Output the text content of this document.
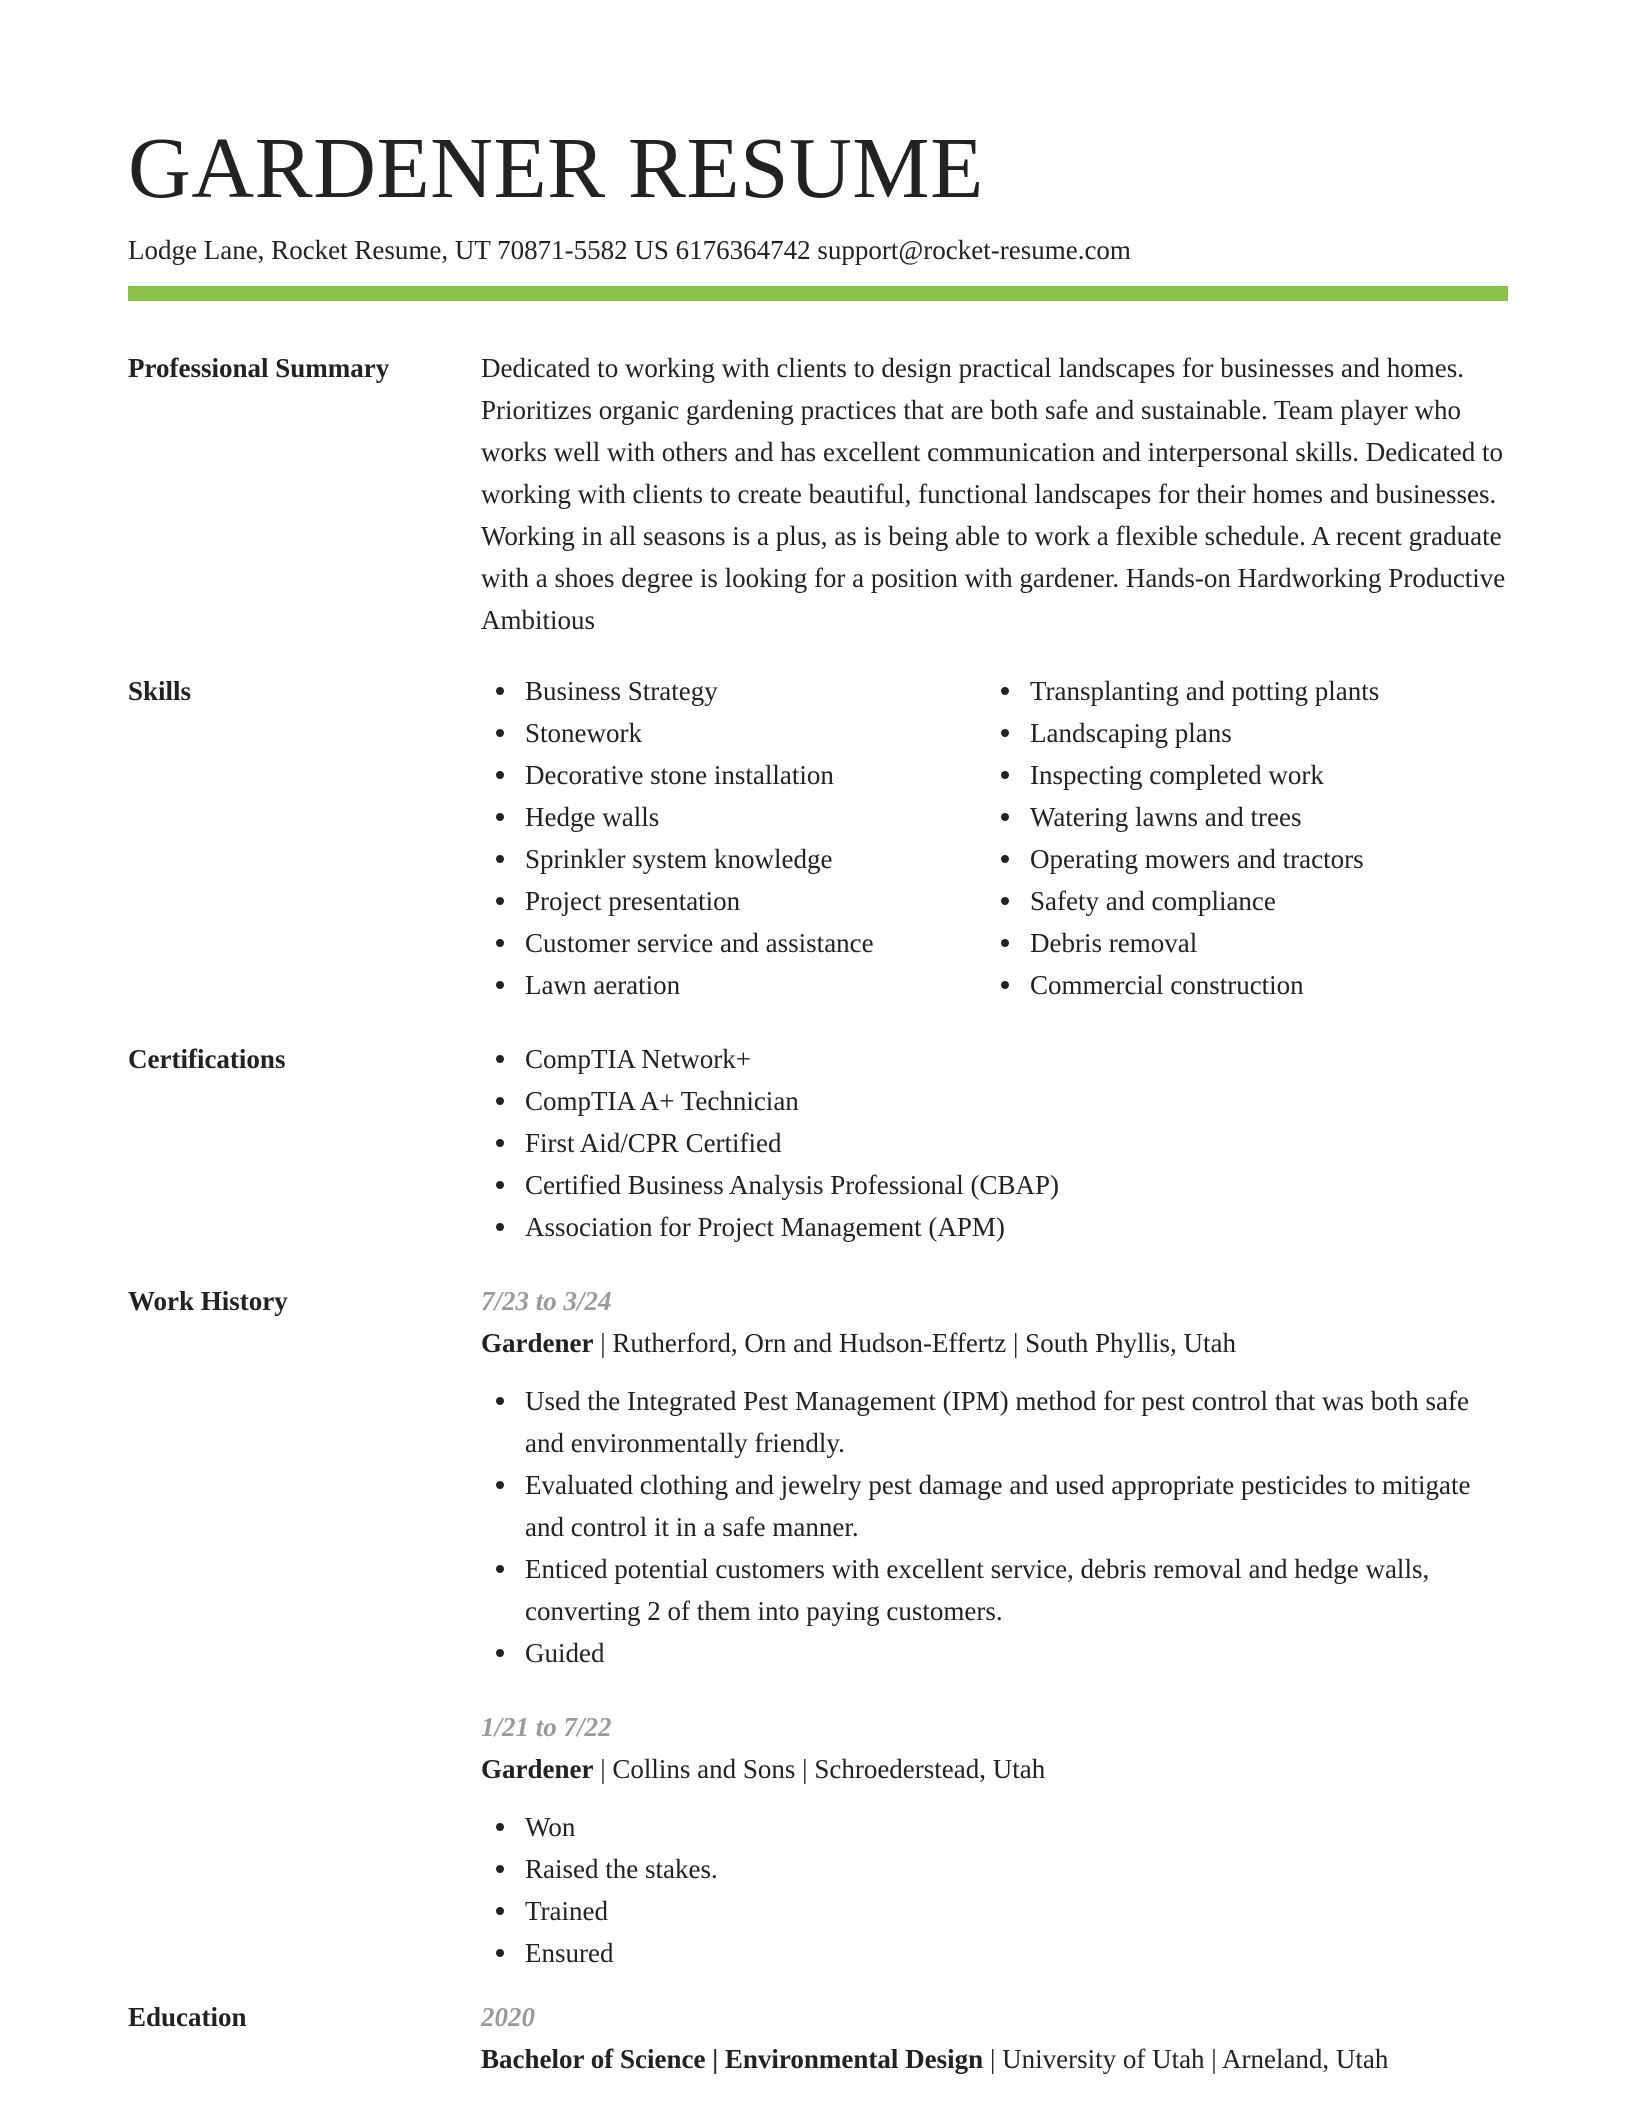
GARDENER RESUME
Lodge Lane, Rocket Resume, UT 70871-5582 US 6176364742 support@rocket-resume.com
Professional Summary	Dedicated to working with clients to design practical landscapes for businesses and homes. Prioritizes organic gardening practices that are both safe and sustainable. Team player who works well with others and has excellent communication and interpersonal skills. Dedicated to working with clients to create beautiful, functional landscapes for their homes and businesses. Working in all seasons is a plus, as is being able to work a flexible schedule. A recent graduate with a shoes degree is looking for a position with gardener. Hands-on Hardworking Productive Ambitious
Skills	Business Strategy
Stonework
Decorative stone installation
Hedge walls
Sprinkler system knowledge
Project presentation
Customer service and assistance
Lawn aeration
Transplanting and potting plants
Landscaping plans
Inspecting completed work
Watering lawns and trees
Operating mowers and tractors
Safety and compliance
Debris removal
Commercial construction
Certifications	CompTIA Network+
CompTIA A+ Technician
First Aid/CPR Certified
Certified Business Analysis Professional (CBAP)
Association for Project Management (APM)
Work History	7/23 to 3/24
Gardener | Rutherford, Orn and Hudson-Effertz | South Phyllis, Utah
Used the Integrated Pest Management (IPM) method for pest control that was both safe and environmentally friendly.
Evaluated clothing and jewelry pest damage and used appropriate pesticides to mitigate and control it in a safe manner.
Enticed potential customers with excellent service, debris removal and hedge walls, converting 2 of them into paying customers.
Guided
1/21 to 7/22
Gardener | Collins and Sons | Schroederstead, Utah
Won
Raised the stakes.
Trained
Ensured
Education	2020
Bachelor of Science | Environmental Design | University of Utah | Arneland, Utah
